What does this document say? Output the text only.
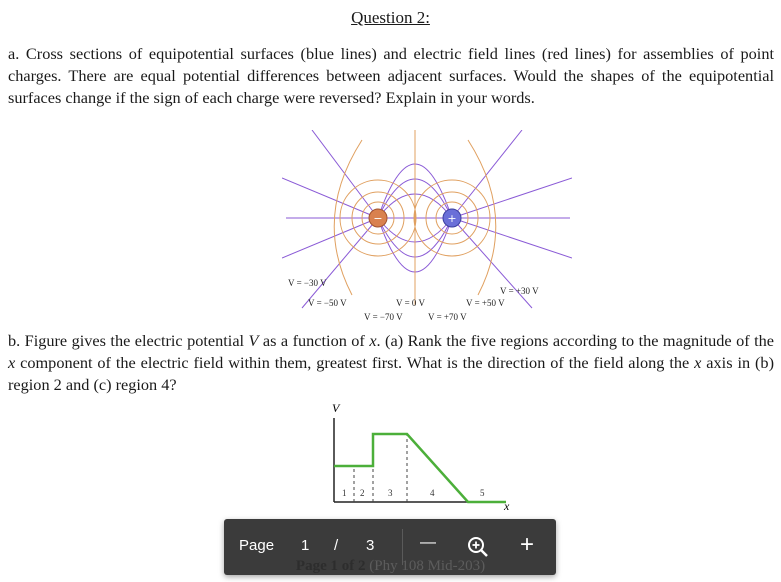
Question 2:

a. Cross sections of equipotential surfaces (blue lines) and electric field lines (red lines) for assemblies of point charges. There are equal potential differences between adjacent surfaces. Would the shapes of the equipotential surfaces change if the sign of each charge were reversed? Explain in your words.

−	+
V = −30 V
V = −50 V	V = 0 V	V = +50 V
V = +30 V
V = −70 V	V = +70 V

b. Figure gives the electric potential V as a function of x. (a) Rank the five regions according to the magnitude of the x component of the electric field within them, greatest first. What is the direction of the field along the x axis in (b) region 2 and (c) region 4?

V
x
1 2	3	4	5
Page 1 / 3	—	+
Page 1 of 2 (Phy 108 Mid-203)
